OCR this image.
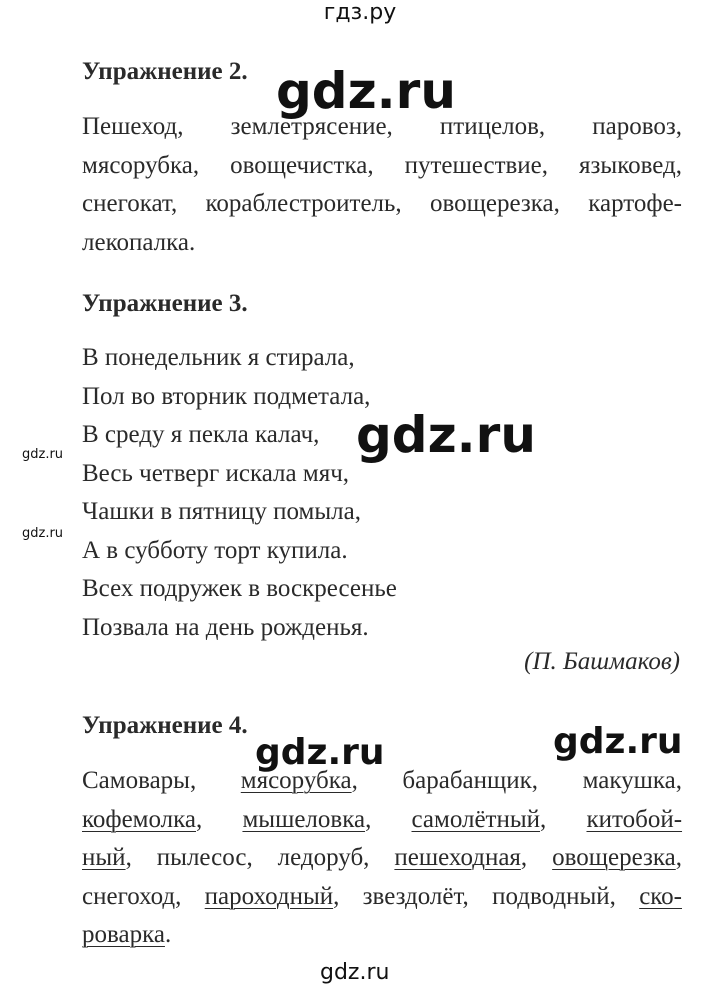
гдз.ру
gdz.ru
gdz.ru
gdz.ru
gdz.ru
gdz.ru	gdz.ru
gdz.ru
Упражнение 2.
Пешеход, землетрясение, птицелов, паровоз,
мясорубка, овощечистка, путешествие, языковед,
снегокат, кораблестроитель, овощерезка, картофе-
лекопалка.
Упражнение 3.
В понедельник я стирала,
Пол во вторник подметала,
В среду я пекла калач,
Весь четверг искала мяч,
Чашки в пятницу помыла,
А в субботу торт купила.
Всех подружек в воскресенье
Позвала на день рожденья.
(П. Башмаков)
Упражнение 4.
Самовары, мясорубка, барабанщик, макушка,
кофемолка, мышеловка, самолётный, китобой-
ный, пылесос, ледоруб, пешеходная, овощерезка,
снегоход, пароходный, звездолёт, подводный, ско-
роварка.
